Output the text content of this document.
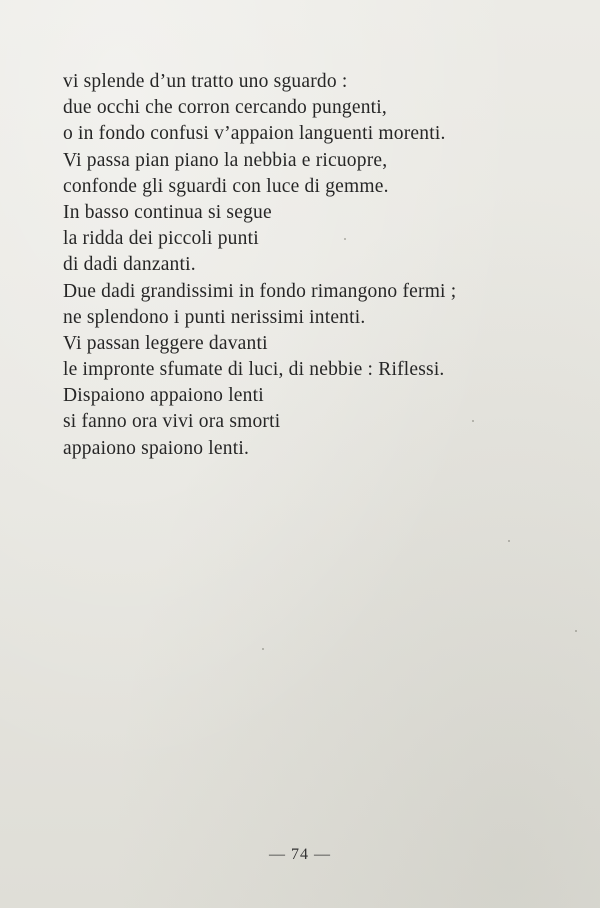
vi splende d’un tratto uno sguardo :
due occhi che corron cercando pungenti,
o in fondo confusi v’appaion languenti morenti.
Vi passa pian piano la nebbia e ricuopre,
confonde gli sguardi con luce di gemme.
In basso continua si segue
la ridda dei piccoli punti
di dadi danzanti.
Due dadi grandissimi in fondo rimangono fermi ;
ne splendono i punti nerissimi intenti.
Vi passan leggere davanti
le impronte sfumate di luci, di nebbie : Riflessi.
Dispaiono appaiono lenti
si fanno ora vivi ora smorti
appaiono spaiono lenti.
— 74 —
